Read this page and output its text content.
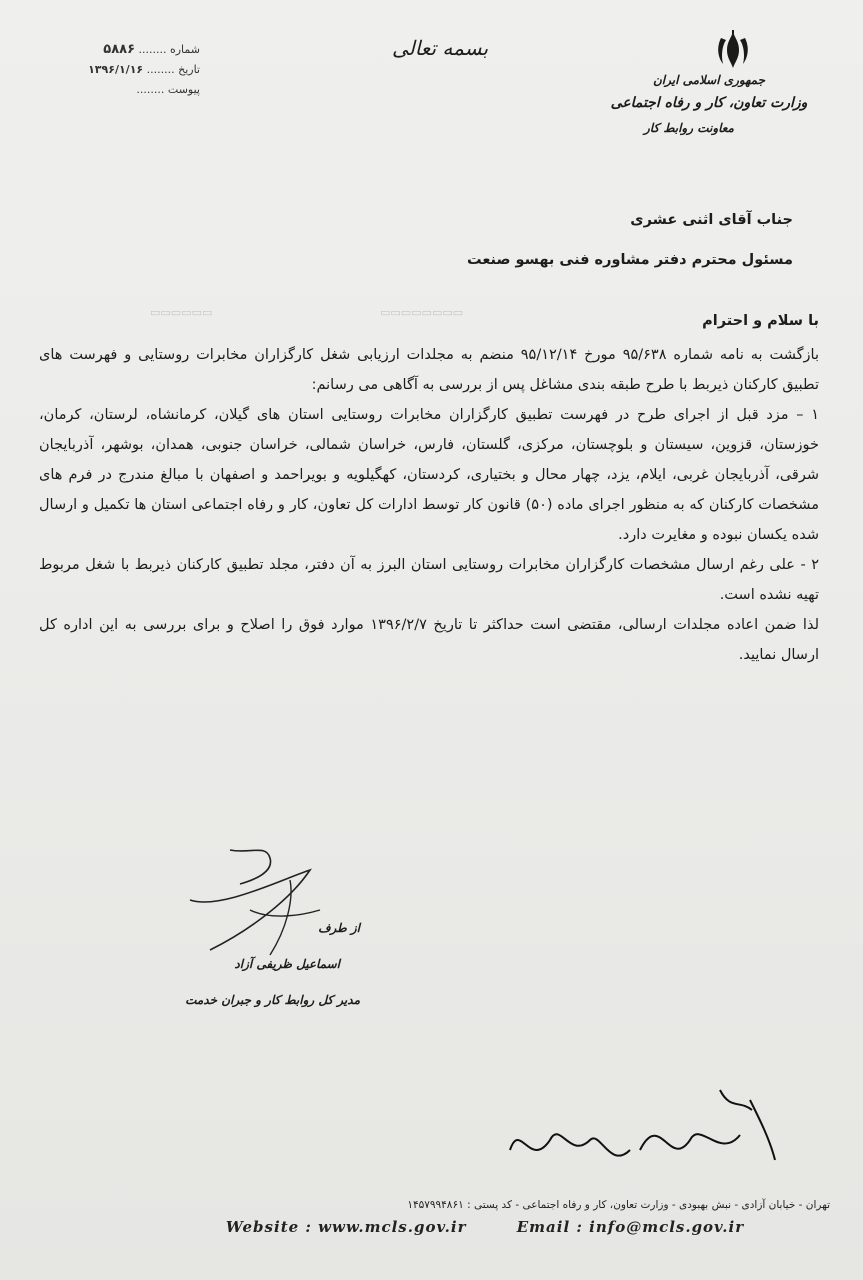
شماره ........ ۵۸۸۶
تاریخ ........ ۱۳۹۶/۱/۱۶
پیوست ........
بسمه تعالی
جمهوری اسلامی ایران
وزارت تعاون، کار و رفاه اجتماعی
معاونت روابط کار
جناب آقای اثنی عشری
مسئول محترم دفتر مشاوره فنی بهسو صنعت
▭▭▭▭▭▭	▭▭▭▭▭▭▭▭

با سلام و احترام

بازگشت به نامه شماره ۹۵/۶۳۸ مورخ ۹۵/۱۲/۱۴ منضم به مجلدات ارزیابی شغل کارگزاران مخابرات روستایی و فهرست های تطبیق کارکنان ذیربط با طرح طبقه بندی مشاغل پس از بررسی به آگاهی می رسانم:

۱ – مزد قبل از اجرای طرح در فهرست تطبیق کارگزاران مخابرات روستایی استان های گیلان، کرمانشاه، لرستان، کرمان، خوزستان، قزوین، سیستان و بلوچستان، مرکزی، گلستان، فارس، خراسان شمالی، خراسان جنوبی، همدان، بوشهر، آذربایجان شرقی، آذربایجان غربی، ایلام، یزد، چهار محال و بختیاری، کردستان، کهگیلویه و بویراحمد و اصفهان با مبالغ مندرج در فرم های مشخصات کارکنان که به منظور اجرای ماده (۵۰) قانون کار توسط ادارات کل تعاون، کار و رفاه اجتماعی استان ها تکمیل و ارسال شده یکسان نبوده و مغایرت دارد.

۲ - علی رغم ارسال مشخصات کارگزاران مخابرات روستایی استان البرز به آن دفتر، مجلد تطبیق کارکنان ذیربط با شغل مربوط تهیه نشده است.

لذا ضمن اعاده مجلدات ارسالی، مقتضی است حداکثر تا تاریخ ۱۳۹۶/۲/۷ موارد فوق را اصلاح و برای بررسی به این اداره کل ارسال نمایید.

از طرف
اسماعیل ظریفی آزاد
مدیر کل روابط کار و جبران خدمت
تهران - خیابان آزادی - نبش بهبودی - وزارت تعاون، کار و رفاه اجتماعی - کد پستی : ۱۴۵۷۹۹۴۸۶۱
Website : www.mcls.gov.ir	Email : info@mcls.gov.ir
